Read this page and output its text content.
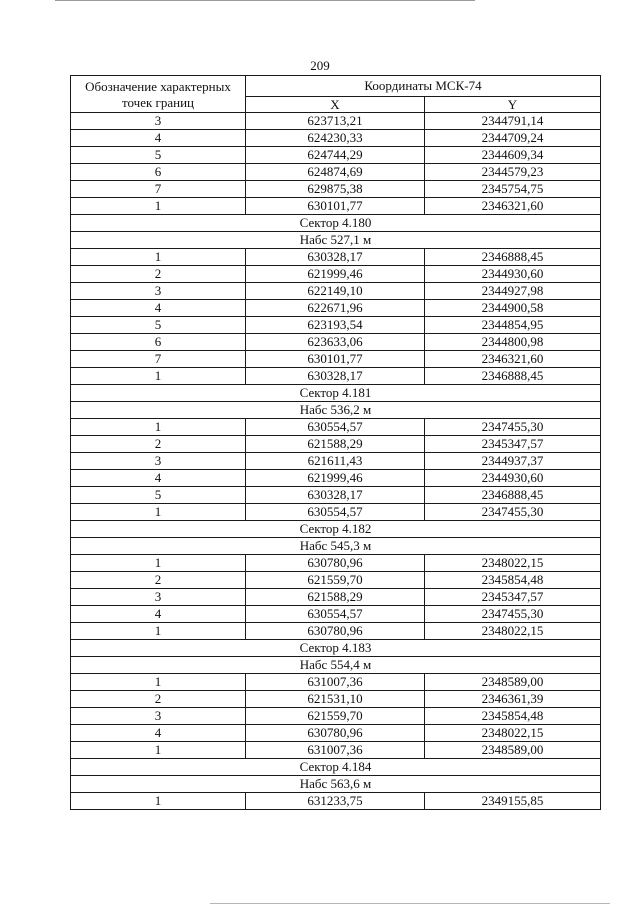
209
Обозначение характерных точек границ	Координаты МСК-74	
	X	Y
3	623713,21	2344791,14
4	624230,33	2344709,24
5	624744,29	2344609,34
6	624874,69	2344579,23
7	629875,38	2345754,75
1	630101,77	2346321,60
Сектор 4.180		
Набс 527,1 м		
1	630328,17	2346888,45
2	621999,46	2344930,60
3	622149,10	2344927,98
4	622671,96	2344900,58
5	623193,54	2344854,95
6	623633,06	2344800,98
7	630101,77	2346321,60
1	630328,17	2346888,45
Сектор 4.181		
Набс 536,2 м		
1	630554,57	2347455,30
2	621588,29	2345347,57
3	621611,43	2344937,37
4	621999,46	2344930,60
5	630328,17	2346888,45
1	630554,57	2347455,30
Сектор 4.182		
Набс 545,3 м		
1	630780,96	2348022,15
2	621559,70	2345854,48
3	621588,29	2345347,57
4	630554,57	2347455,30
1	630780,96	2348022,15
Сектор 4.183		
Набс 554,4 м		
1	631007,36	2348589,00
2	621531,10	2346361,39
3	621559,70	2345854,48
4	630780,96	2348022,15
1	631007,36	2348589,00
Сектор 4.184		
Набс 563,6 м		
1	631233,75	2349155,85
